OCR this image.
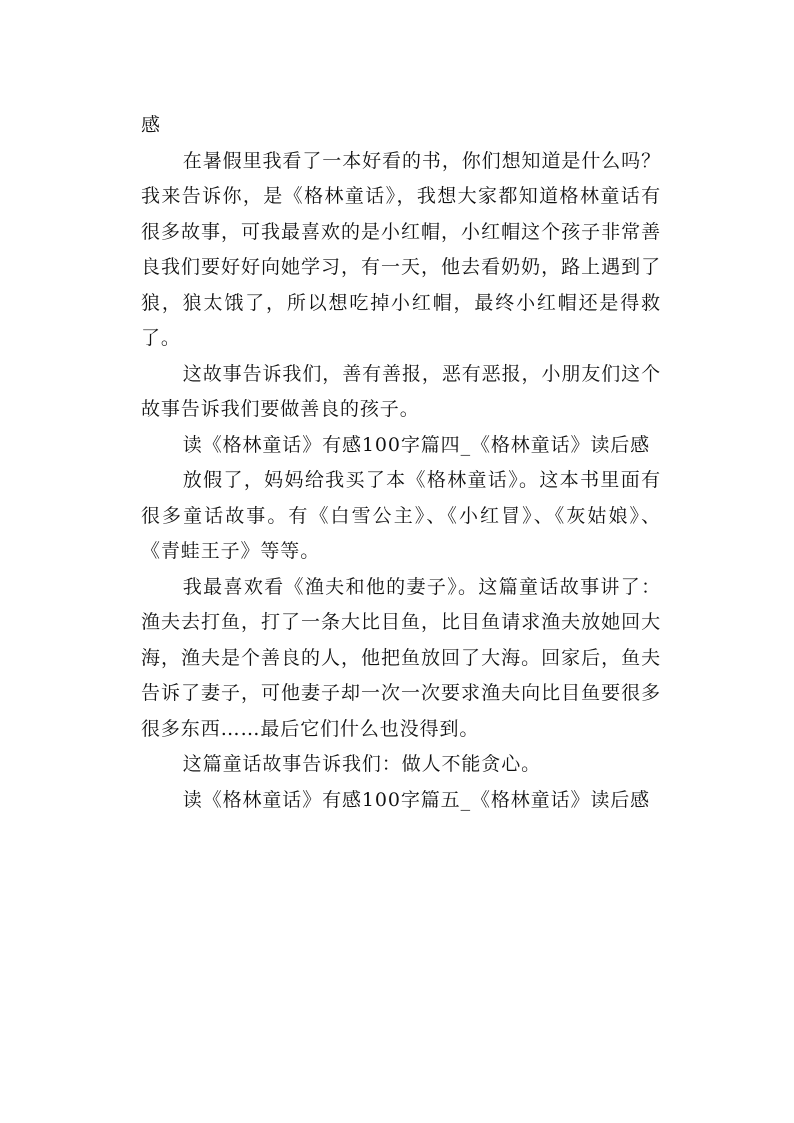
感

在暑假里我看了一本好看的书，你们想知道是什么吗？我来告诉你，是《格林童话》，我想大家都知道格林童话有很多故事，可我最喜欢的是小红帽，小红帽这个孩子非常善良我们要好好向她学习，有一天，他去看奶奶，路上遇到了狼，狼太饿了，所以想吃掉小红帽，最终小红帽还是得救了。

这故事告诉我们，善有善报，恶有恶报，小朋友们这个故事告诉我们要做善良的孩子。

读《格林童话》有感100字篇四_《格林童话》读后感

放假了，妈妈给我买了本《格林童话》。这本书里面有很多童话故事。有《白雪公主》、《小红冒》、《灰姑娘》、《青蛙王子》等等。

我最喜欢看《渔夫和他的妻子》。这篇童话故事讲了：渔夫去打鱼，打了一条大比目鱼，比目鱼请求渔夫放她回大海，渔夫是个善良的人，他把鱼放回了大海。回家后，鱼夫告诉了妻子，可他妻子却一次一次要求渔夫向比目鱼要很多很多东西……最后它们什么也没得到。

这篇童话故事告诉我们：做人不能贪心。

读《格林童话》有感100字篇五_《格林童话》读后感
